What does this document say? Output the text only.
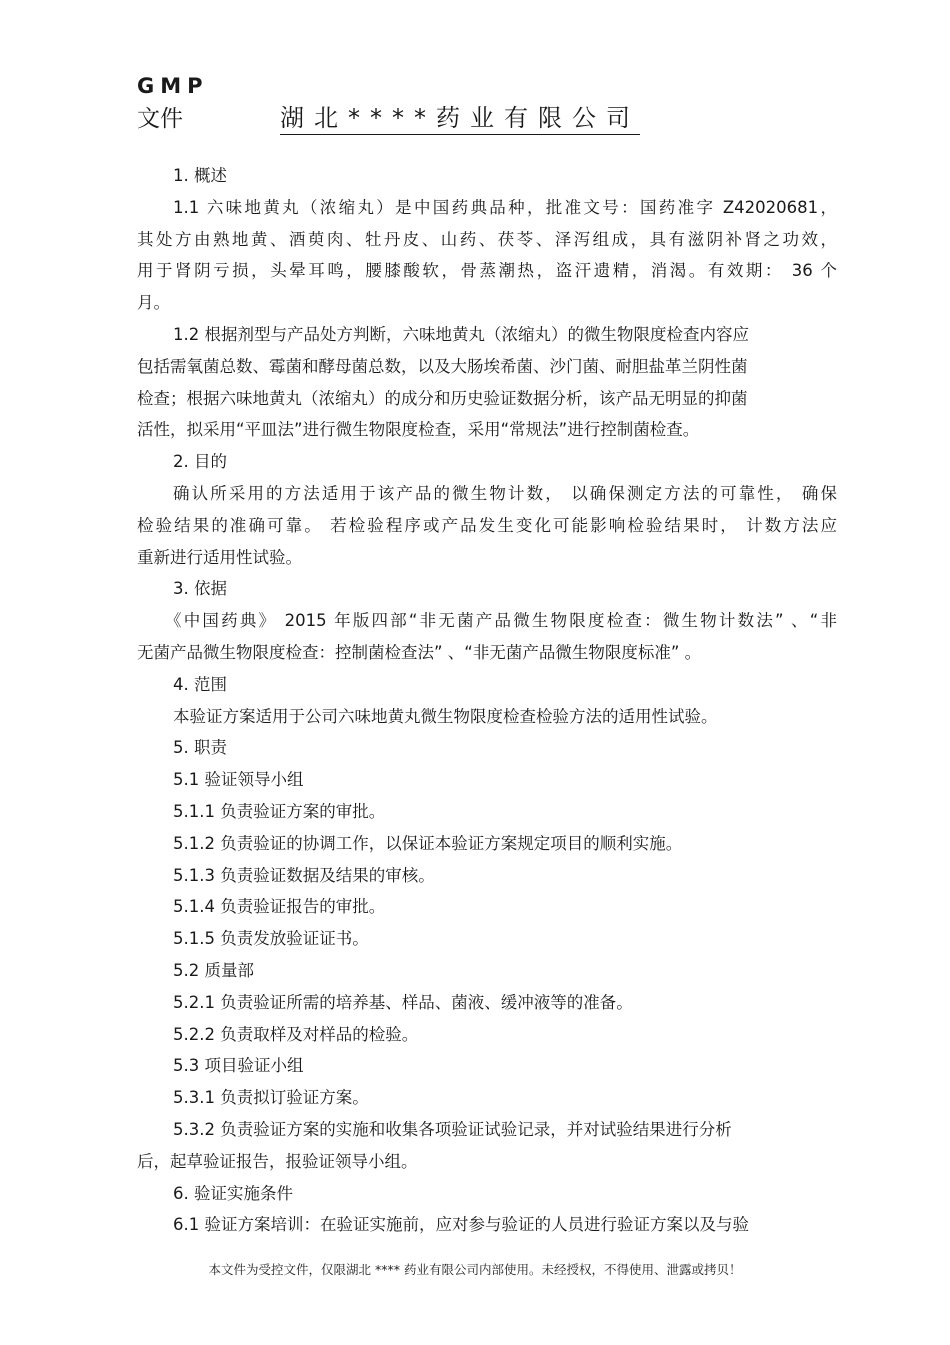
GMP
文件	湖北****药业有限公司

1. 概述

1.1 六味地黄丸（浓缩丸）是中国药典品种，批准文号：国药准字 Z42020681，

其处方由熟地黄、酒萸肉、牡丹皮、山药、茯苓、泽泻组成，具有滋阴补肾之功效，

用于肾阴亏损，头晕耳鸣，腰膝酸软，骨蒸潮热，盗汗遗精，消渴。有效期： 36 个

月。

1.2 根据剂型与产品处方判断，六味地黄丸（浓缩丸）的微生物限度检查内容应

包括需氧菌总数、霉菌和酵母菌总数，以及大肠埃希菌、沙门菌、耐胆盐革兰阴性菌

检查；根据六味地黄丸（浓缩丸）的成分和历史验证数据分析，该产品无明显的抑菌

活性，拟采用“平皿法”进行微生物限度检查，采用“常规法”进行控制菌检查。

2. 目的

确认所采用的方法适用于该产品的微生物计数， 以确保测定方法的可靠性， 确保

检验结果的准确可靠。 若检验程序或产品发生变化可能影响检验结果时， 计数方法应

重新进行适用性试验。

3. 依据

《中国药典》 2015 年版四部“非无菌产品微生物限度检查：微生物计数法” 、“非

无菌产品微生物限度检查：控制菌检查法” 、“非无菌产品微生物限度标准” 。

4. 范围

本验证方案适用于公司六味地黄丸微生物限度检查检验方法的适用性试验。

5. 职责

5.1 验证领导小组

5.1.1 负责验证方案的审批。

5.1.2 负责验证的协调工作，以保证本验证方案规定项目的顺利实施。

5.1.3 负责验证数据及结果的审核。

5.1.4 负责验证报告的审批。

5.1.5 负责发放验证证书。

5.2 质量部

5.2.1 负责验证所需的培养基、样品、菌液、缓冲液等的准备。

5.2.2 负责取样及对样品的检验。

5.3 项目验证小组

5.3.1 负责拟订验证方案。

5.3.2 负责验证方案的实施和收集各项验证试验记录，并对试验结果进行分析

后，起草验证报告，报验证领导小组。

6. 验证实施条件

6.1 验证方案培训：在验证实施前，应对参与验证的人员进行验证方案以及与验

本文件为受控文件，仅限湖北 **** 药业有限公司内部使用。未经授权，不得使用、泄露或拷贝！
